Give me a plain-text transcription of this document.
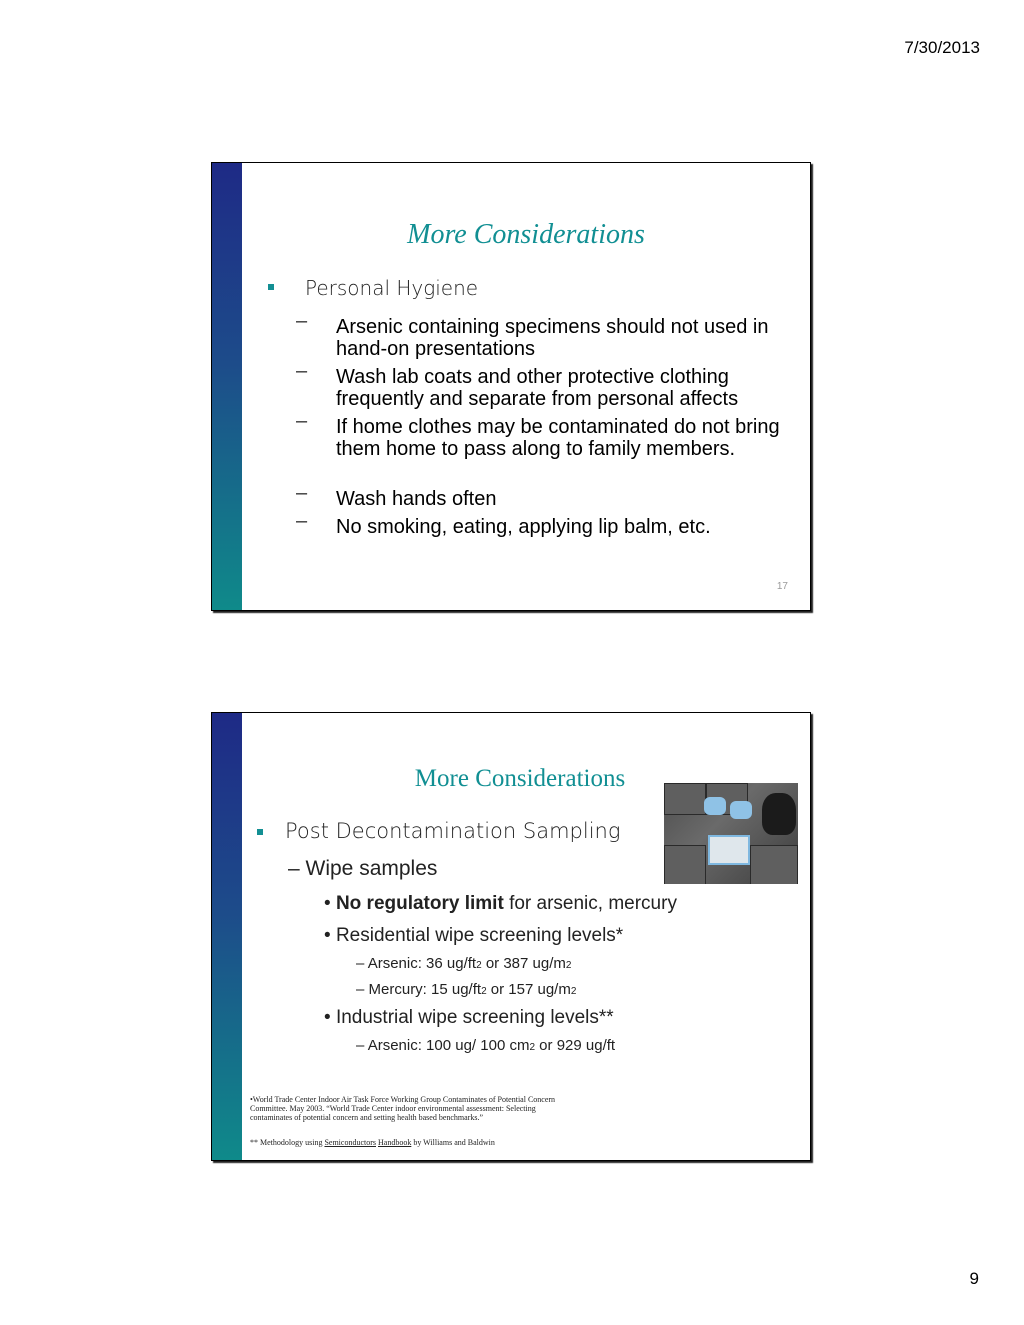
7/30/2013
More Considerations
Personal Hygiene
– Arsenic containing specimens should not used in hand-on presentations
– Wash lab coats and other protective clothing frequently and separate from personal affects
– If home clothes may be contaminated do not bring them home to pass along to family members.
– Wash hands often
– No smoking, eating, applying lip balm, etc.
17
More Considerations
Post Decontamination Sampling
– Wipe samples
• No regulatory limit for arsenic, mercury
• Residential wipe screening levels*
– Arsenic: 36 ug/ft2 or 387 ug/m2
– Mercury: 15 ug/ft2 or 157 ug/m2
• Industrial wipe screening levels**
– Arsenic: 100 ug/ 100 cm2 or 929 ug/ft
•World Trade Center Indoor Air Task Force Working Group Contaminates of Potential Concern Committee. May 2003. “World Trade Center indoor environmental assessment: Selecting contaminates of potential concern and setting health based benchmarks.”
** Methodology using Semiconductors Handbook by Williams and Baldwin
9
